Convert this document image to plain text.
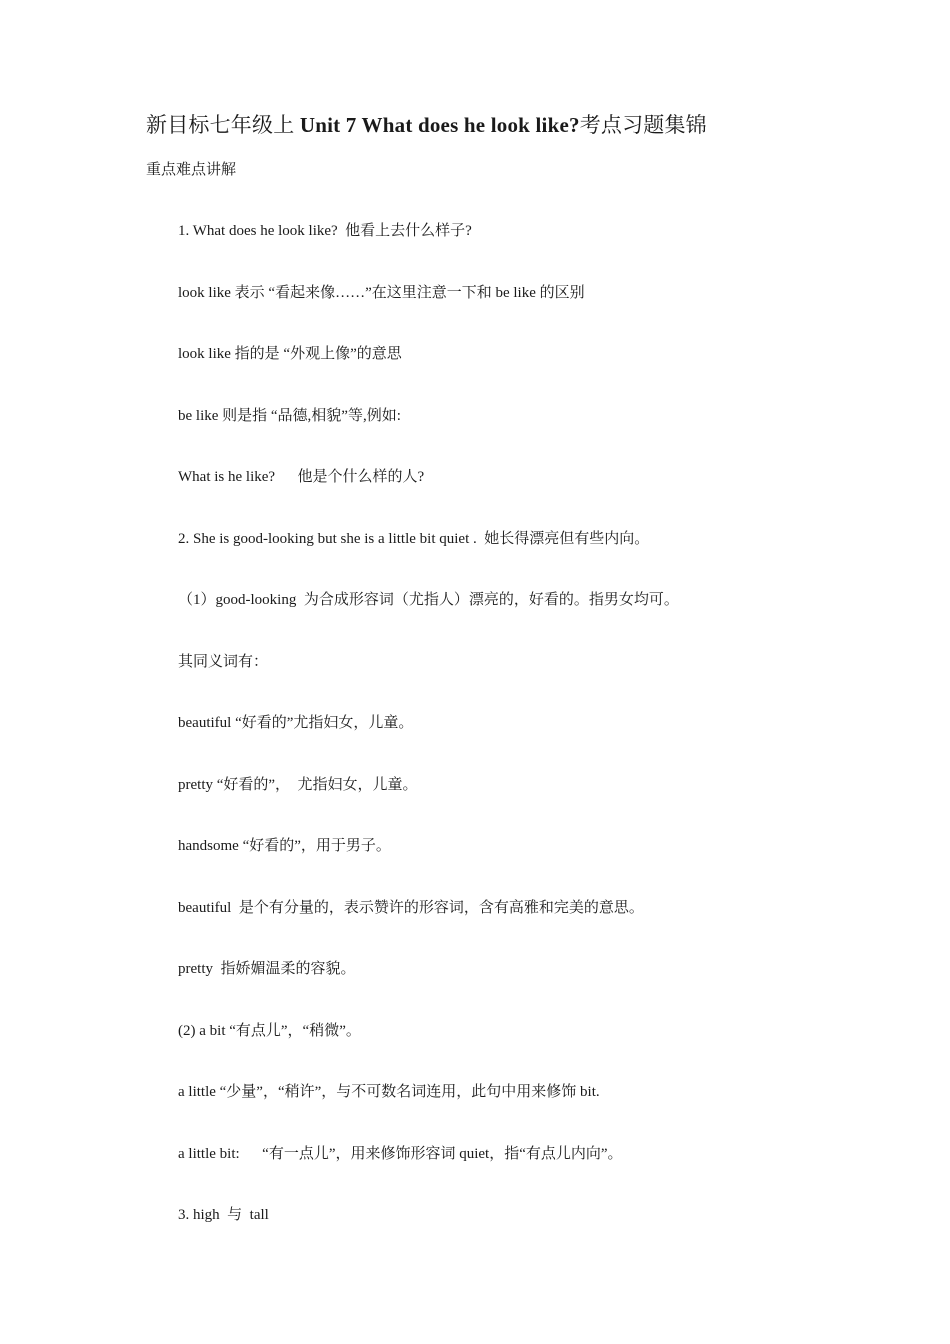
新目标七年级上 Unit 7 What does he look like?考点习题集锦
重点难点讲解
1. What does he look like?  他看上去什么样子?
look like 表示 “看起来像……”在这里注意一下和 be like 的区别
look like 指的是 “外观上像”的意思
be like 则是指 “品德,相貌”等,例如:
What is he like?      他是个什么样的人?
2. She is good-looking but she is a little bit quiet .  她长得漂亮但有些内向。
（1）good-looking  为合成形容词（尤指人）漂亮的，好看的。指男女均可。
其同义词有：
beautiful “好看的”尤指妇女，儿童。
pretty “好看的”，  尤指妇女，儿童。
handsome “好看的”，用于男子。
beautiful  是个有分量的，表示赞许的形容词，含有高雅和完美的意思。
pretty  指娇媚温柔的容貌。
(2) a bit “有点儿”，“稍微”。
a little “少量”，“稍许”，与不可数名词连用，此句中用来修饰 bit.
a little bit:      “有一点儿”，用来修饰形容词 quiet，指“有点儿内向”。
3. high  与  tall
